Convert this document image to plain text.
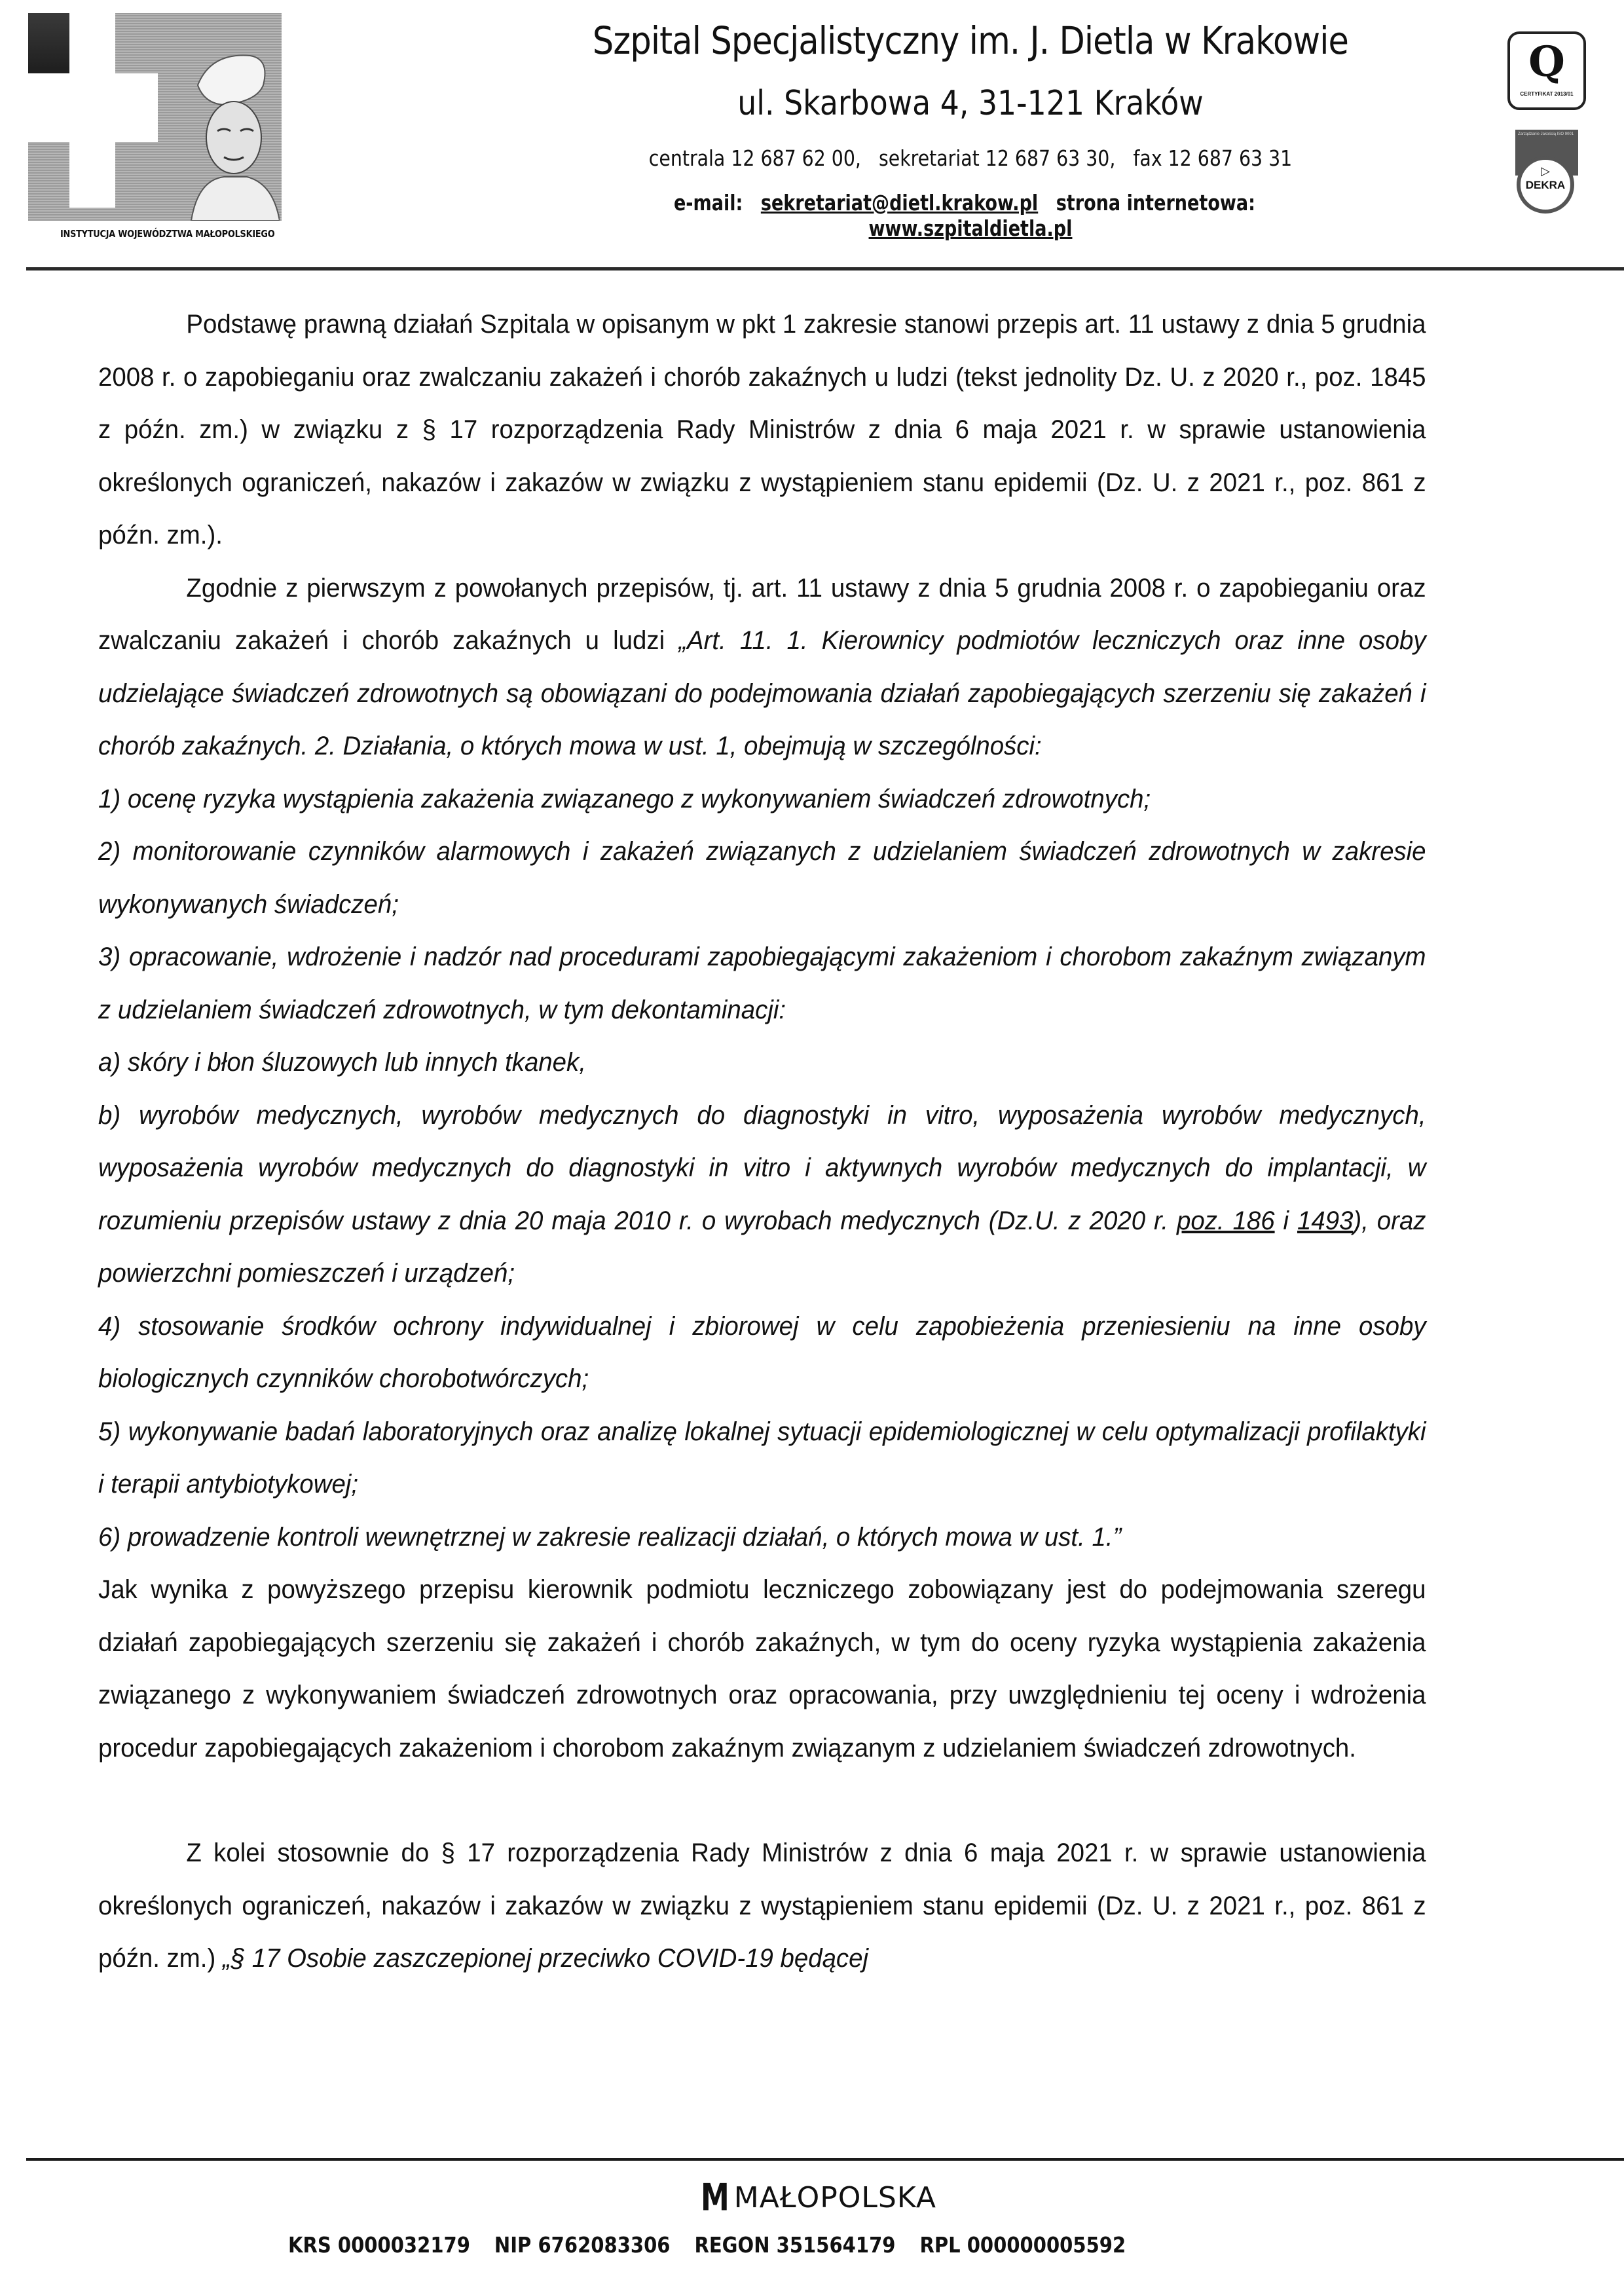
INSTYTUCJA WOJEWÓDZTWA MAŁOPOLSKIEGO
Szpital Specjalistyczny im. J. Dietla w Krakowie
ul. Skarbowa 4, 31-121 Kraków
centrala 12 687 62 00,   sekretariat 12 687 63 30,   fax 12 687 63 31
e-mail: sekretariat@dietl.krakow.pl strona internetowa: www.szpitaldietla.pl
Q
CERTYFIKAT 2013/01
Zarządzanie Jakością ISO 9001
▷
DEKRA

Podstawę prawną działań Szpitala w opisanym w pkt 1 zakresie stanowi przepis art. 11 ustawy z dnia 5 grudnia 2008 r. o zapobieganiu oraz zwalczaniu zakażeń i chorób zakaźnych u ludzi (tekst jednolity Dz. U. z 2020 r., poz. 1845 z późn. zm.) w związku z § 17 rozporządzenia Rady Ministrów z dnia 6 maja 2021 r. w sprawie ustanowienia określonych ograniczeń, nakazów i zakazów w związku z wystąpieniem stanu epidemii (Dz. U. z 2021 r., poz. 861 z późn. zm.).

Zgodnie z pierwszym z powołanych przepisów, tj. art. 11 ustawy z dnia 5 grudnia 2008 r. o zapobieganiu oraz zwalczaniu zakażeń i chorób zakaźnych u ludzi „Art. 11. 1. Kierownicy podmiotów leczniczych oraz inne osoby udzielające świadczeń zdrowotnych są obowiązani do podejmowania działań zapobiegających szerzeniu się zakażeń i chorób zakaźnych. 2. Działania, o których mowa w ust. 1, obejmują w szczególności:

1) ocenę ryzyka wystąpienia zakażenia związanego z wykonywaniem świadczeń zdrowotnych;

2) monitorowanie czynników alarmowych i zakażeń związanych z udzielaniem świadczeń zdrowotnych w zakresie wykonywanych świadczeń;

3) opracowanie, wdrożenie i nadzór nad procedurami zapobiegającymi zakażeniom i chorobom zakaźnym związanym z udzielaniem świadczeń zdrowotnych, w tym dekontaminacji:

a) skóry i błon śluzowych lub innych tkanek,

b) wyrobów medycznych, wyrobów medycznych do diagnostyki in vitro, wyposażenia wyrobów medycznych, wyposażenia wyrobów medycznych do diagnostyki in vitro i aktywnych wyrobów medycznych do implantacji, w rozumieniu przepisów ustawy z dnia 20 maja 2010 r. o wyrobach medycznych (Dz.U. z 2020 r. poz. 186 i 1493), oraz powierzchni pomieszczeń i urządzeń;

4) stosowanie środków ochrony indywidualnej i zbiorowej w celu zapobieżenia przeniesieniu na inne osoby biologicznych czynników chorobotwórczych;

5) wykonywanie badań laboratoryjnych oraz analizę lokalnej sytuacji epidemiologicznej w celu optymalizacji profilaktyki i terapii antybiotykowej;

6) prowadzenie kontroli wewnętrznej w zakresie realizacji działań, o których mowa w ust. 1.”

Jak wynika z powyższego przepisu kierownik podmiotu leczniczego zobowiązany jest do podejmowania szeregu działań zapobiegających szerzeniu się zakażeń i chorób zakaźnych, w tym do oceny ryzyka wystąpienia zakażenia związanego z wykonywaniem świadczeń zdrowotnych oraz opracowania, przy uwzględnieniu tej oceny i wdrożenia procedur zapobiegających zakażeniom i chorobom zakaźnym związanym z udzielaniem świadczeń zdrowotnych.

Z kolei stosownie do § 17 rozporządzenia Rady Ministrów z dnia 6 maja 2021 r. w sprawie ustanowienia określonych ograniczeń, nakazów i zakazów w związku z wystąpieniem stanu epidemii (Dz. U. z 2021 r., poz. 861 z późn. zm.) „§ 17 Osobie zaszczepionej przeciwko COVID-19 będącej

M MAŁOPOLSKA
KRS 0000032179 NIP 6762083306 REGON 351564179 RPL 000000005592
